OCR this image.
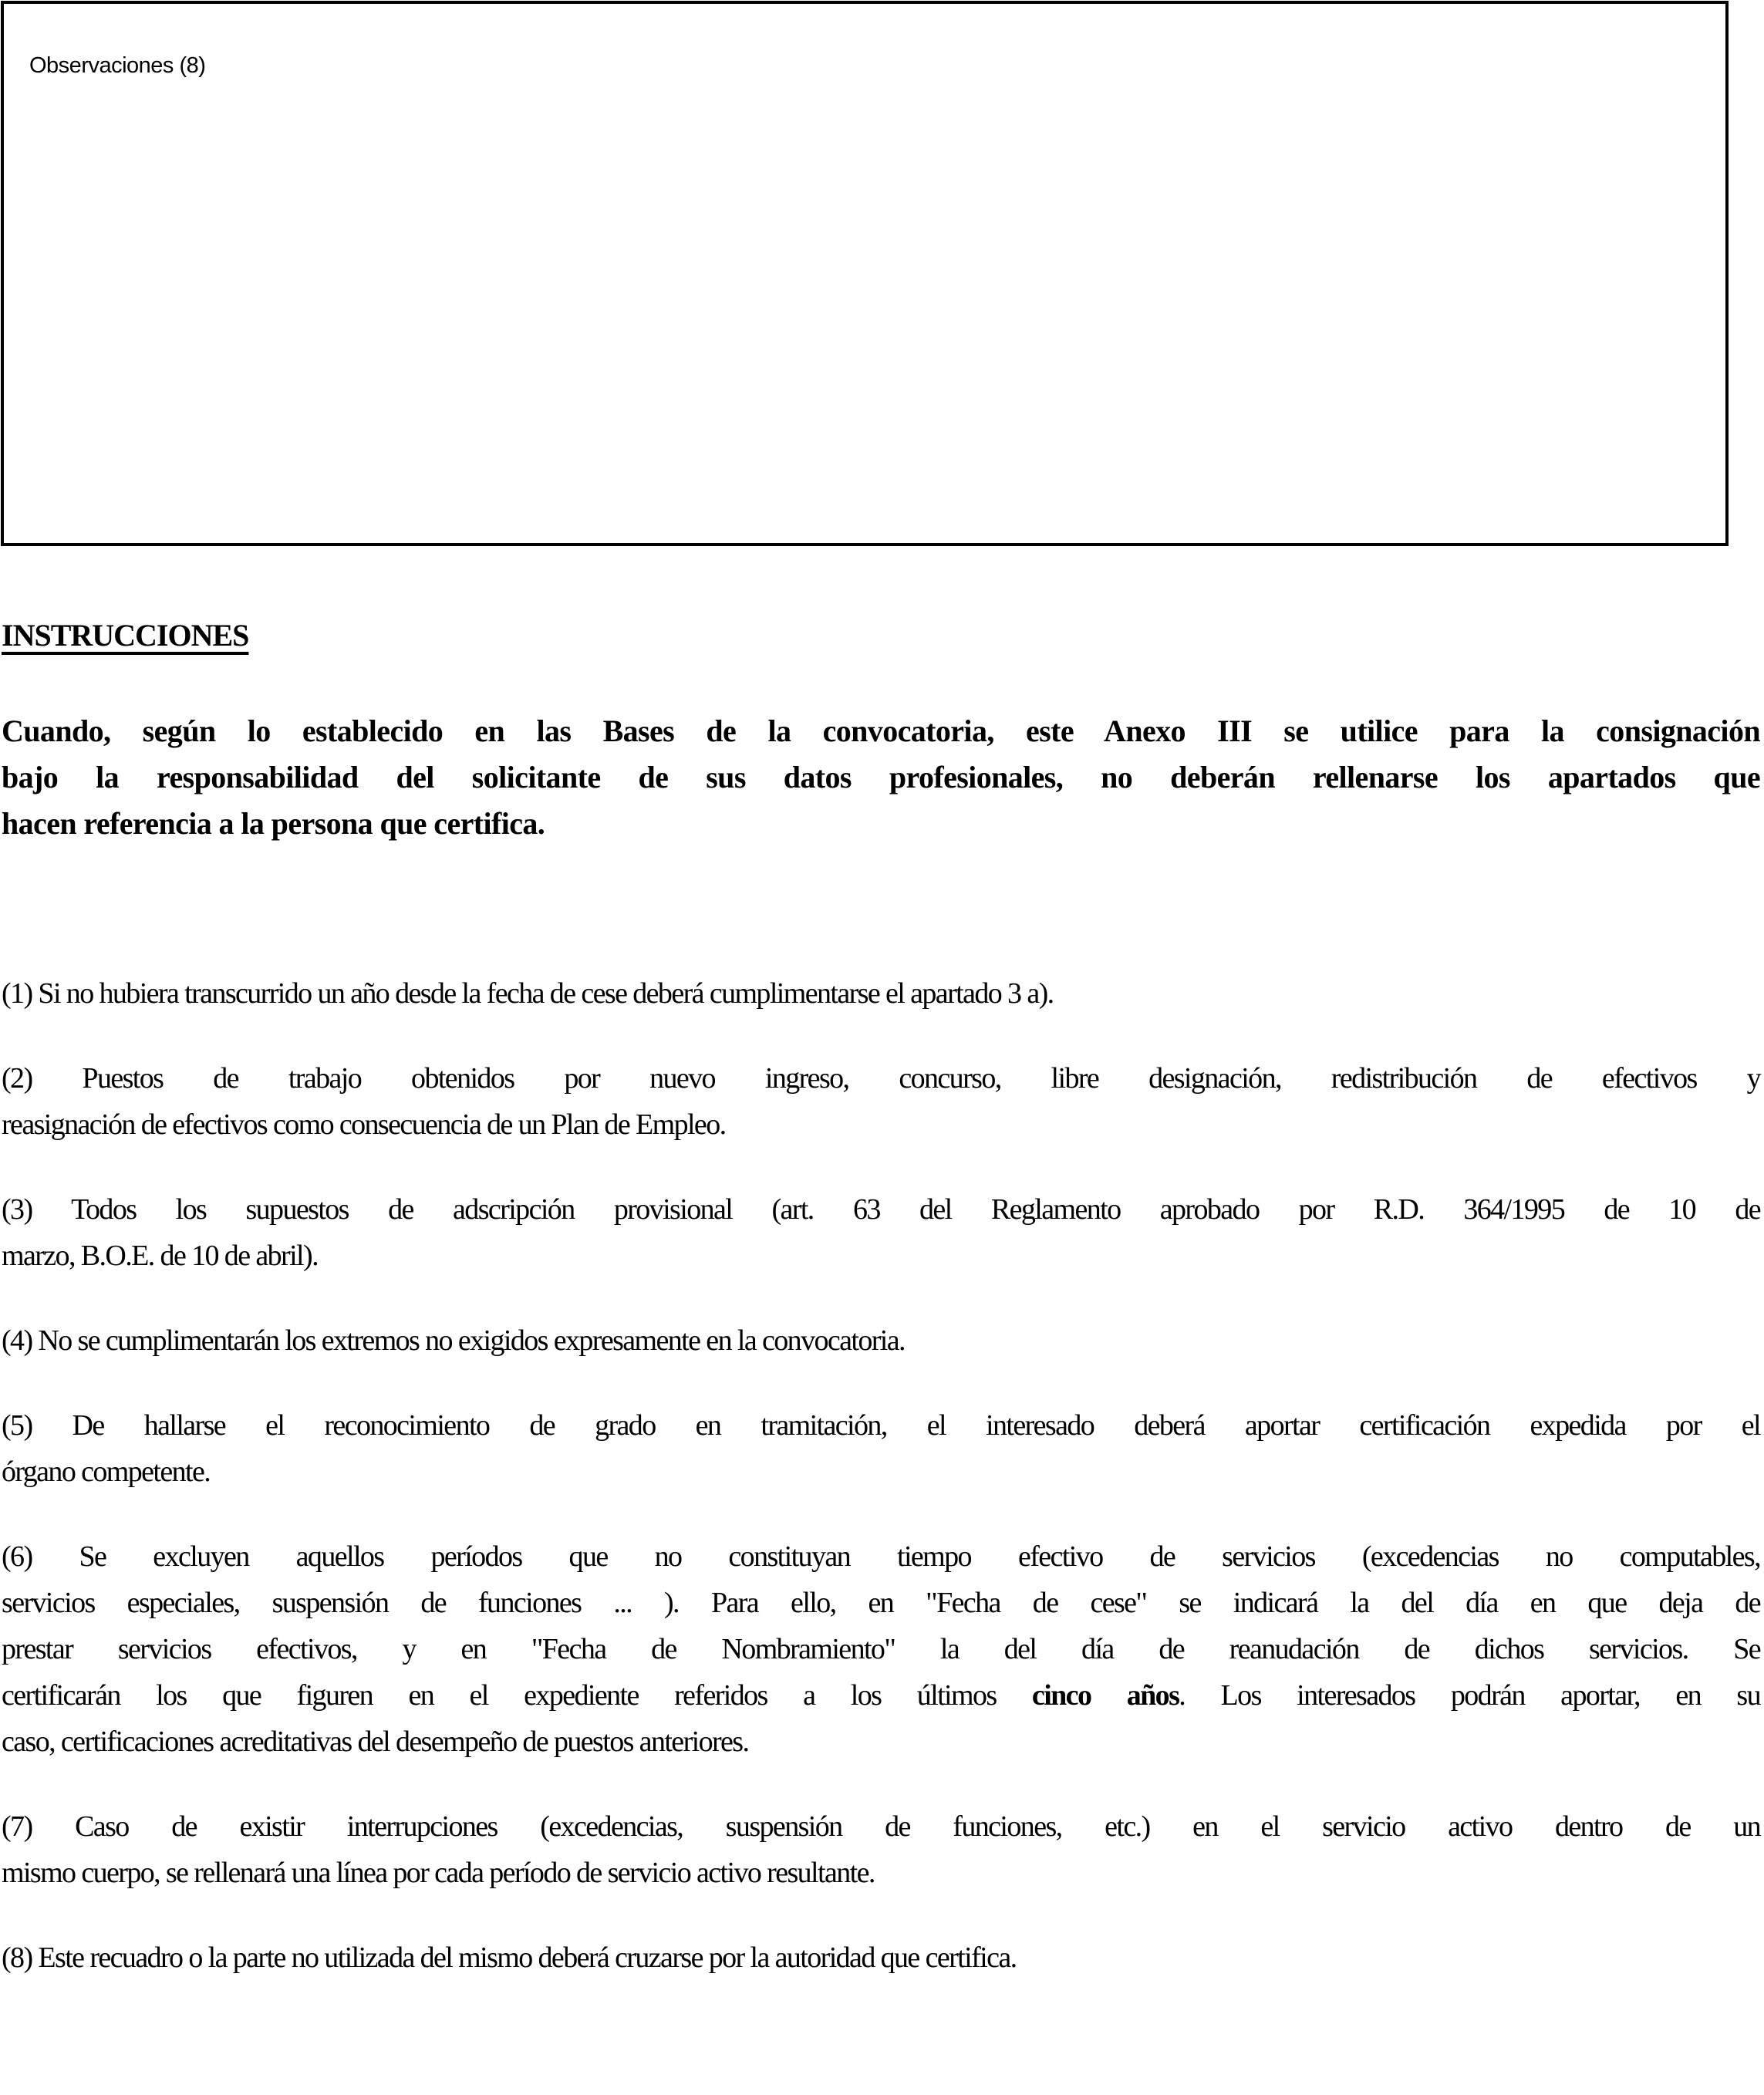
Observaciones (8)
INSTRUCCIONES
Cuando, según lo establecido en las Bases de la convocatoria, este Anexo III se utilice para la consignación
bajo la responsabilidad del solicitante de sus datos profesionales, no deberán rellenarse los apartados que
hacen referencia a la persona que certifica.
(1) Si no hubiera transcurrido un año desde la fecha de cese deberá cumplimentarse el apartado 3 a).
(2) Puestos de trabajo obtenidos por nuevo ingreso, concurso, libre designación, redistribución de efectivos y
reasignación de efectivos como consecuencia de un Plan de Empleo.
(3) Todos los supuestos de adscripción provisional (art. 63 del Reglamento aprobado por R.D. 364/1995 de 10 de
marzo, B.O.E. de 10 de abril).
(4) No se cumplimentarán los extremos no exigidos expresamente en la convocatoria.
(5) De hallarse el reconocimiento de grado en tramitación, el interesado deberá aportar certificación expedida por el
órgano competente.
(6) Se excluyen aquellos períodos que no constituyan tiempo efectivo de servicios (excedencias no computables,
servicios especiales, suspensión de funciones ... ). Para ello, en "Fecha de cese" se indicará la del día en que deja de
prestar servicios efectivos, y en "Fecha de Nombramiento" la del día de reanudación de dichos servicios. Se
certificarán los que figuren en el expediente referidos a los últimos cinco años. Los interesados podrán aportar, en su
caso, certificaciones acreditativas del desempeño de puestos anteriores.
(7) Caso de existir interrupciones (excedencias, suspensión de funciones, etc.) en el servicio activo dentro de un
mismo cuerpo, se rellenará una línea por cada período de servicio activo resultante.
(8) Este recuadro o la parte no utilizada del mismo deberá cruzarse por la autoridad que certifica.
